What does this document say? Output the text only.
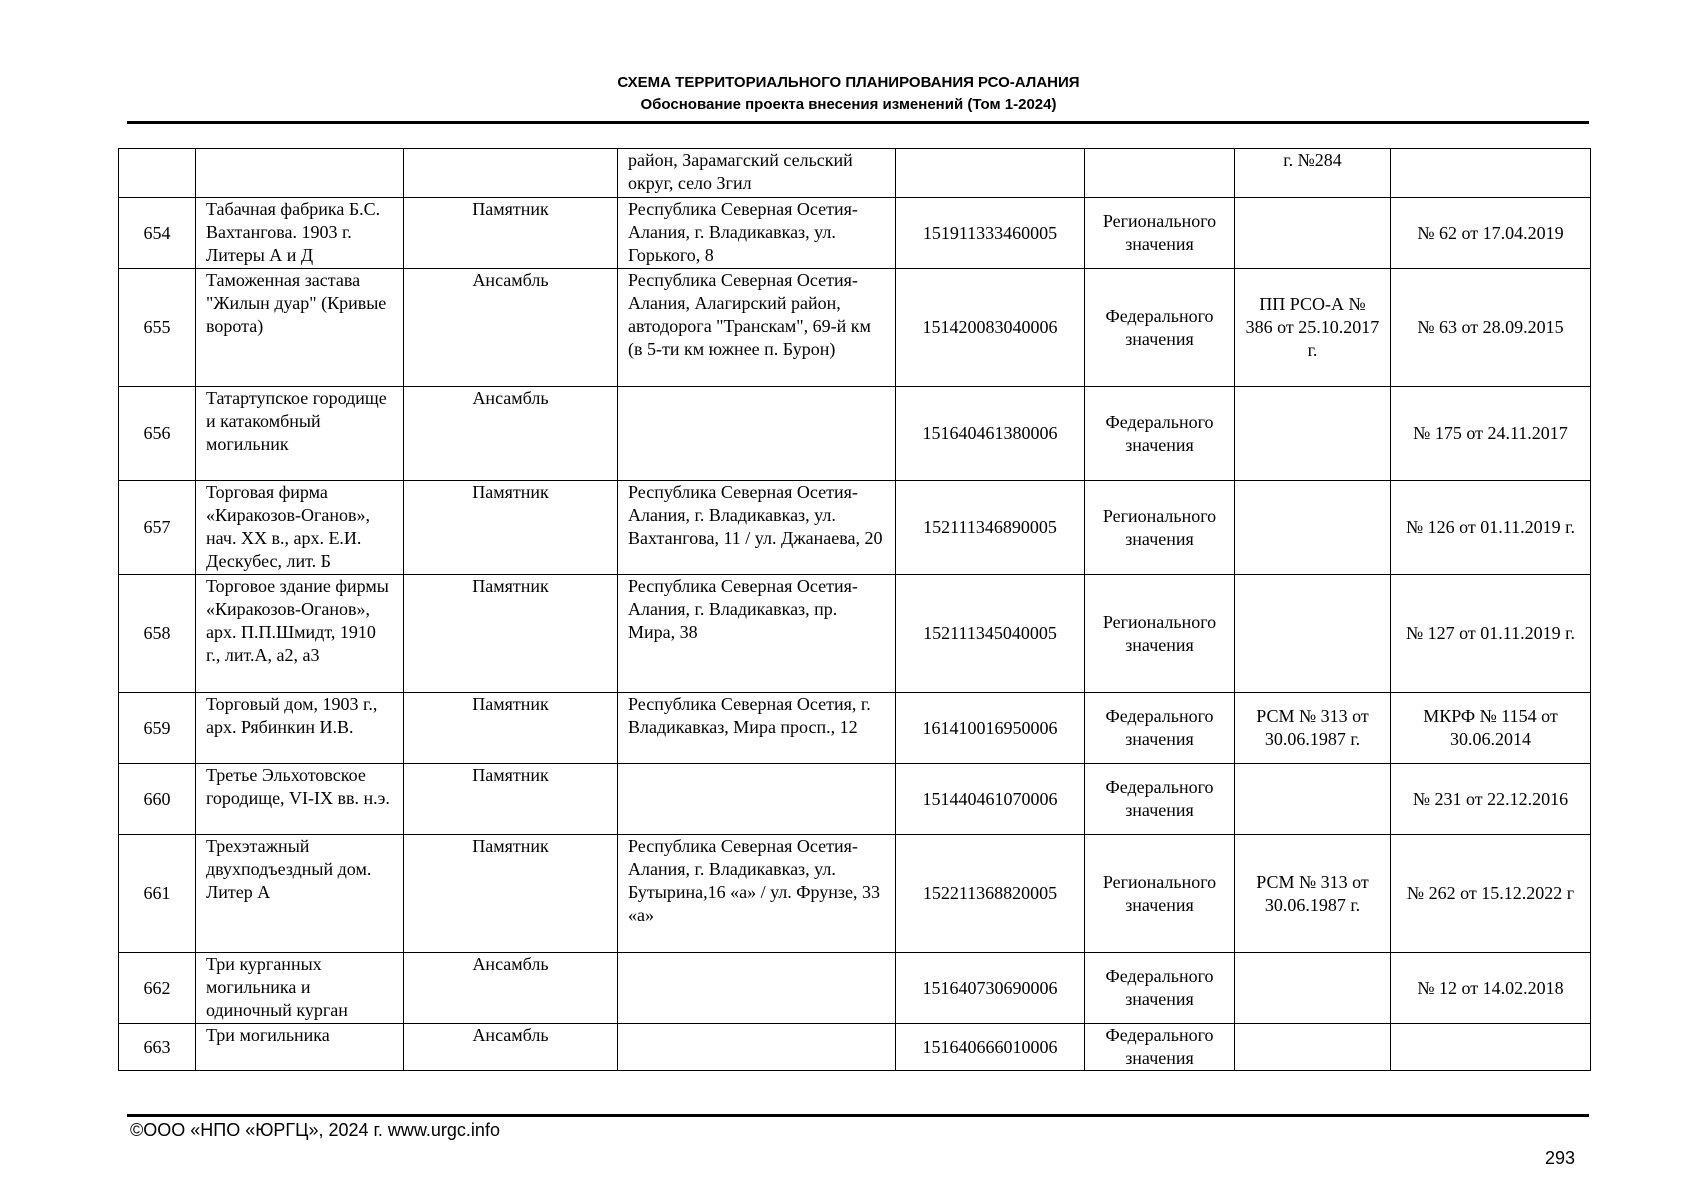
СХЕМА ТЕРРИТОРИАЛЬНОГО ПЛАНИРОВАНИЯ РСО-АЛАНИЯ
Обоснование проекта внесения изменений (Том 1-2024)
			район, Зарамагский сельский округ, село Згил			г. №284	
654	Табачная фабрика Б.С. Вахтангова. 1903 г. Литеры А и Д	Памятник	Республика Северная Осетия-Алания, г. Владикавказ, ул. Горького, 8	151911333460005	Регионального значения		№ 62 от 17.04.2019
655	Таможенная застава "Жилын дуар" (Кривые ворота)	Ансамбль	Республика Северная Осетия-Алания, Алагирский район, автодорога "Транскам", 69-й км (в 5-ти км южнее п. Бурон)	151420083040006	Федерального значения	ПП РСО-А № 386 от 25.10.2017 г.	№ 63 от 28.09.2015
656	Татартупское городище и катакомбный могильник	Ансамбль		151640461380006	Федерального значения		№ 175 от 24.11.2017
657	Торговая фирма «Киракозов-Оганов», нач. XX в., арх. Е.И. Дескубес, лит. Б	Памятник	Республика Северная Осетия-Алания, г. Владикавказ, ул. Вахтангова, 11 / ул. Джанаева, 20	152111346890005	Регионального значения		№ 126 от 01.11.2019 г.
658	Торговое здание фирмы «Киракозов-Оганов», арх. П.П.Шмидт, 1910 г., лит.А, а2, а3	Памятник	Республика Северная Осетия-Алания, г. Владикавказ, пр. Мира, 38	152111345040005	Регионального значения		№ 127 от 01.11.2019 г.
659	Торговый дом, 1903 г., арх. Рябинкин И.В.	Памятник	Республика Северная Осетия, г. Владикавказ, Мира просп., 12	161410016950006	Федерального значения	РСМ № 313 от 30.06.1987 г.	МКРФ № 1154 от 30.06.2014
660	Третье Эльхотовское городище, VI-IX вв. н.э.	Памятник		151440461070006	Федерального значения		№ 231 от 22.12.2016
661	Трехэтажный двухподъездный дом. Литер А	Памятник	Республика Северная Осетия-Алания, г. Владикавказ, ул. Бутырина,16 «а» / ул. Фрунзе, 33 «а»	152211368820005	Регионального значения	РСМ № 313 от 30.06.1987 г.	№ 262 от 15.12.2022 г
662	Три курганных могильника и одиночный курган	Ансамбль		151640730690006	Федерального значения		№ 12 от 14.02.2018
663	Три могильника	Ансамбль		151640666010006	Федерального значения		
©ООО «НПО «ЮРГЦ», 2024 г. www.urgc.info
293
